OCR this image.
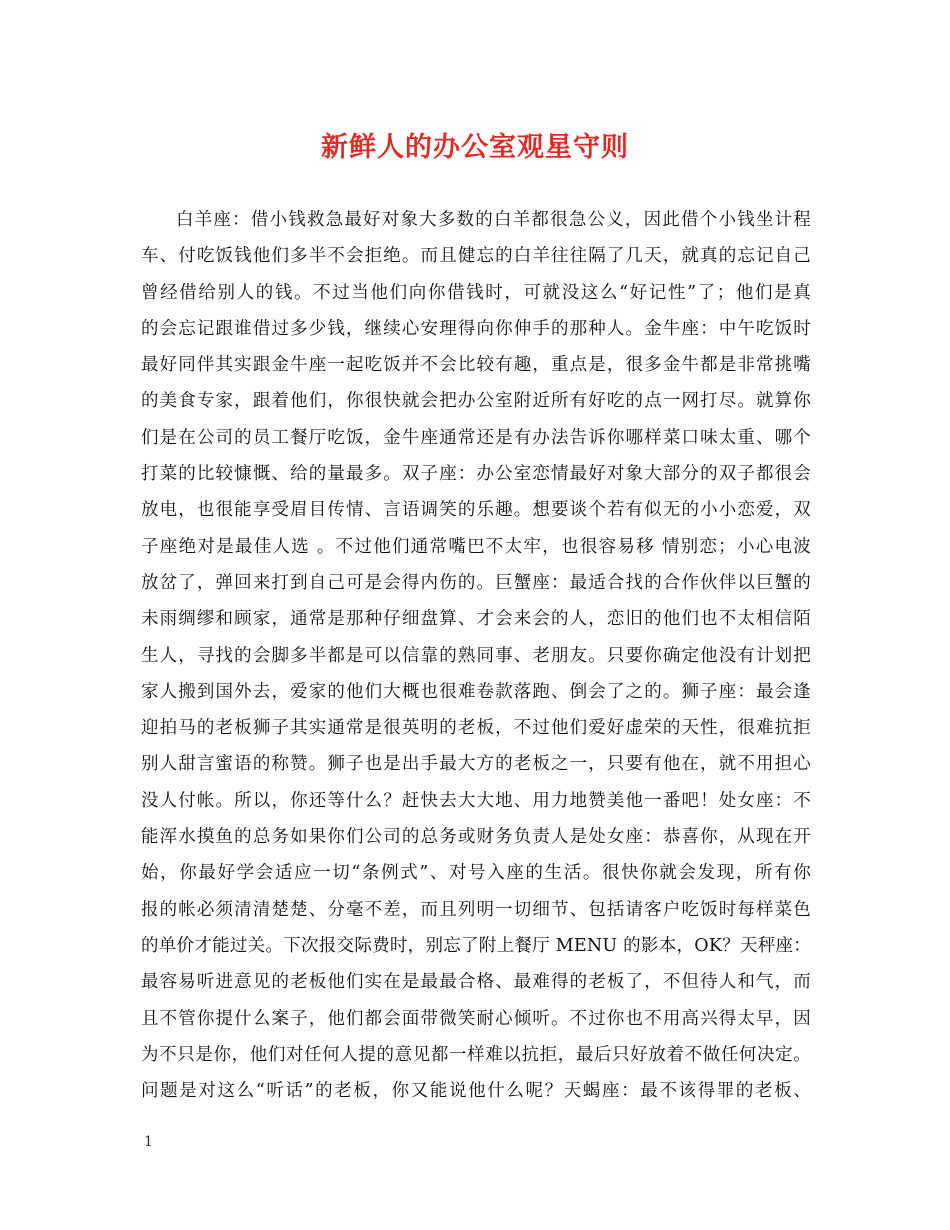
新鲜人的办公室观星守则
白羊座：借小钱救急最好对象大多数的白羊都很急公义，因此借个小钱坐计程
车、付吃饭钱他们多半不会拒绝。而且健忘的白羊往往隔了几天，就真的忘记自己
曾经借给别人的钱。不过当他们向你借钱时，可就没这么“好记性”了；他们是真
的会忘记跟谁借过多少钱，继续心安理得向你伸手的那种人。金牛座：中午吃饭时
最好同伴其实跟金牛座一起吃饭并不会比较有趣，重点是，很多金牛都是非常挑嘴
的美食专家，跟着他们，你很快就会把办公室附近所有好吃的点一网打尽。就算你
们是在公司的员工餐厅吃饭，金牛座通常还是有办法告诉你哪样菜口味太重、哪个
打菜的比较慷慨、给的量最多。双子座：办公室恋情最好对象大部分的双子都很会
放电，也很能享受眉目传情、言语调笑的乐趣。想要谈个若有似无的小小恋爱，双
子座绝对是最佳人选 。不过他们通常嘴巴不太牢，也很容易移 情别恋；小心电波
放岔了，弹回来打到自己可是会得内伤的。巨蟹座：最适合找的合作伙伴以巨蟹的
未雨绸缪和顾家，通常是那种仔细盘算、才会来会的人，恋旧的他们也不太相信陌
生人，寻找的会脚多半都是可以信靠的熟同事、老朋友。只要你确定他没有计划把
家人搬到国外去，爱家的他们大概也很难卷款落跑、倒会了之的。狮子座：最会逢
迎拍马的老板狮子其实通常是很英明的老板，不过他们爱好虚荣的天性，很难抗拒
别人甜言蜜语的称赞。狮子也是出手最大方的老板之一，只要有他在，就不用担心
没人付帐。所以，你还等什么？赶快去大大地、用力地赞美他一番吧！处女座：不
能浑水摸鱼的总务如果你们公司的总务或财务负责人是处女座：恭喜你，从现在开
始，你最好学会适应一切“条例式”、对号入座的生活。很快你就会发现，所有你
报的帐必须清清楚楚、分毫不差，而且列明一切细节、包括请客户吃饭时每样菜色
的单价才能过关。下次报交际费时，别忘了附上餐厅 MENU 的影本，OK？天秤座：
最容易听进意见的老板他们实在是最最合格、最难得的老板了，不但待人和气，而
且不管你提什么案子，他们都会面带微笑耐心倾听。不过你也不用高兴得太早，因
为不只是你，他们对任何人提的意见都一样难以抗拒，最后只好放着不做任何决定。
问题是对这么“听话”的老板，你又能说他什么呢？天蝎座：最不该得罪的老板、
1
